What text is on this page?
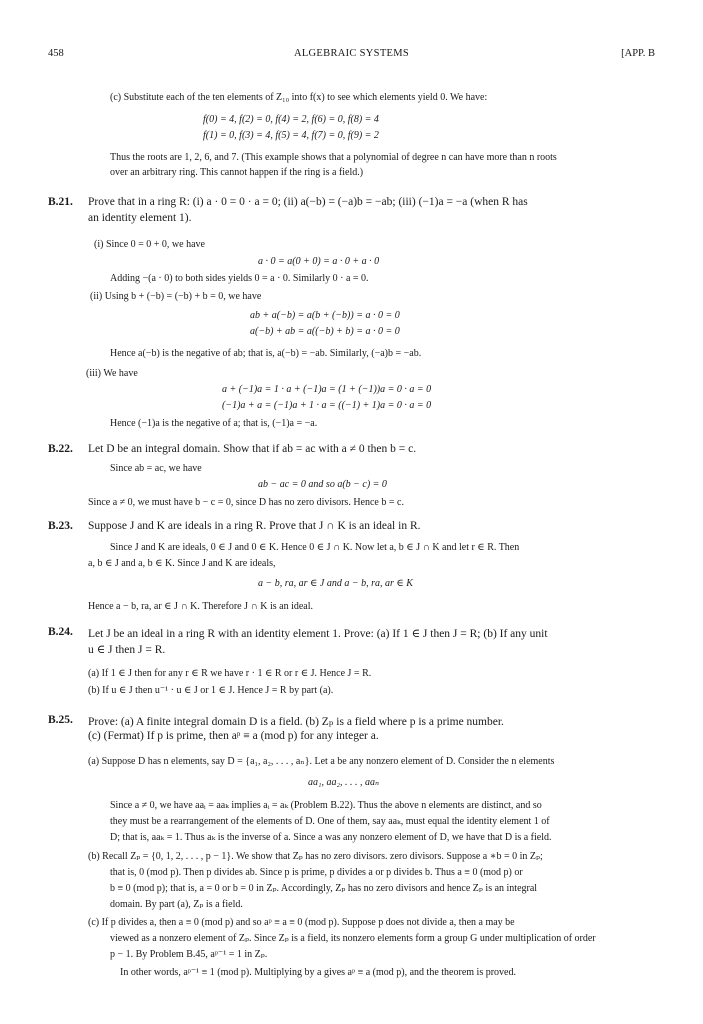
458	ALGEBRAIC SYSTEMS	[APP. B
(c) Substitute each of the ten elements of Z₁₀ into f(x) to see which elements yield 0. We have:
f(0) = 4, f(2) = 0, f(4) = 2, f(6) = 0, f(8) = 4
f(1) = 0, f(3) = 4, f(5) = 4, f(7) = 0, f(9) = 2
Thus the roots are 1, 2, 6, and 7. (This example shows that a polynomial of degree n can have more than n roots
over an arbitrary ring. This cannot happen if the ring is a field.)
B.21. Prove that in a ring R: (i) a · 0 = 0 · a = 0; (ii) a(−b) = (−a)b = −ab; (iii) (−1)a = −a (when R has
an identity element 1).
(i) Since 0 = 0 + 0, we have
a · 0 = a(0 + 0) = a · 0 + a · 0
Adding −(a · 0) to both sides yields 0 = a · 0. Similarly 0 · a = 0.
(ii) Using b + (−b) = (−b) + b = 0, we have
ab + a(−b) = a(b + (−b)) = a · 0 = 0
a(−b) + ab = a((−b) + b) = a · 0 = 0
Hence a(−b) is the negative of ab; that is, a(−b) = −ab. Similarly, (−a)b = −ab.
(iii) We have
a + (−1)a = 1 · a + (−1)a = (1 + (−1))a = 0 · a = 0
(−1)a + a = (−1)a + 1 · a = ((−1) + 1)a = 0 · a = 0
Hence (−1)a is the negative of a; that is, (−1)a = −a.
B.22. Let D be an integral domain. Show that if ab = ac with a ≠ 0 then b = c.
Since ab = ac, we have
ab − ac = 0 and so a(b − c) = 0
Since a ≠ 0, we must have b − c = 0, since D has no zero divisors. Hence b = c.
B.23. Suppose J and K are ideals in a ring R. Prove that J ∩ K is an ideal in R.
Since J and K are ideals, 0 ∈ J and 0 ∈ K. Hence 0 ∈ J ∩ K. Now let a, b ∈ J ∩ K and let r ∈ R. Then
a, b ∈ J and a, b ∈ K. Since J and K are ideals,
a − b, ra, ar ∈ J and a − b, ra, ar ∈ K
Hence a − b, ra, ar ∈ J ∩ K. Therefore J ∩ K is an ideal.
B.24. Let J be an ideal in a ring R with an identity element 1. Prove: (a) If 1 ∈ J then J = R; (b) If any unit
u ∈ J then J = R.
(a) If 1 ∈ J then for any r ∈ R we have r · 1 ∈ R or r ∈ J. Hence J = R.
(b) If u ∈ J then u⁻¹ · u ∈ J or 1 ∈ J. Hence J = R by part (a).
B.25. Prove: (a) A finite integral domain D is a field. (b) Zₚ is a field where p is a prime number.
(c) (Fermat) If p is prime, then aᵖ ≡ a (mod p) for any integer a.
(a) Suppose D has n elements, say D = {a₁, a₂, . . . , aₙ}. Let a be any nonzero element of D. Consider the n elements
aa₁, aa₂, . . . , aaₙ
Since a ≠ 0, we have aaᵢ = aaₖ implies aᵢ = aₖ (Problem B.22). Thus the above n elements are distinct, and so
they must be a rearrangement of the elements of D. One of them, say aaₖ, must equal the identity element 1 of
D; that is, aaₖ = 1. Thus aₖ is the inverse of a. Since a was any nonzero element of D, we have that D is a field.
(b) Recall Zₚ = {0, 1, 2, . . . , p − 1}. We show that Zₚ has no zero divisors. zero divisors. Suppose a ∗b = 0 in Zₚ;
that is, 0 (mod p). Then p divides ab. Since p is prime, p divides a or p divides b. Thus a ≡ 0 (mod p) or
b ≡ 0 (mod p); that is, a = 0 or b = 0 in Zₚ. Accordingly, Zₚ has no zero divisors and hence Zₚ is an integral
domain. By part (a), Zₚ is a field.
(c) If p divides a, then a ≡ 0 (mod p) and so aᵖ ≡ a ≡ 0 (mod p). Suppose p does not divide a, then a may be
viewed as a nonzero element of Zₚ. Since Zₚ is a field, its nonzero elements form a group G under multiplication of order
p − 1. By Problem B.45, aᵖ⁻¹ = 1 in Zₚ.
In other words, aᵖ⁻¹ ≡ 1 (mod p). Multiplying by a gives aᵖ ≡ a (mod p), and the theorem is proved.
